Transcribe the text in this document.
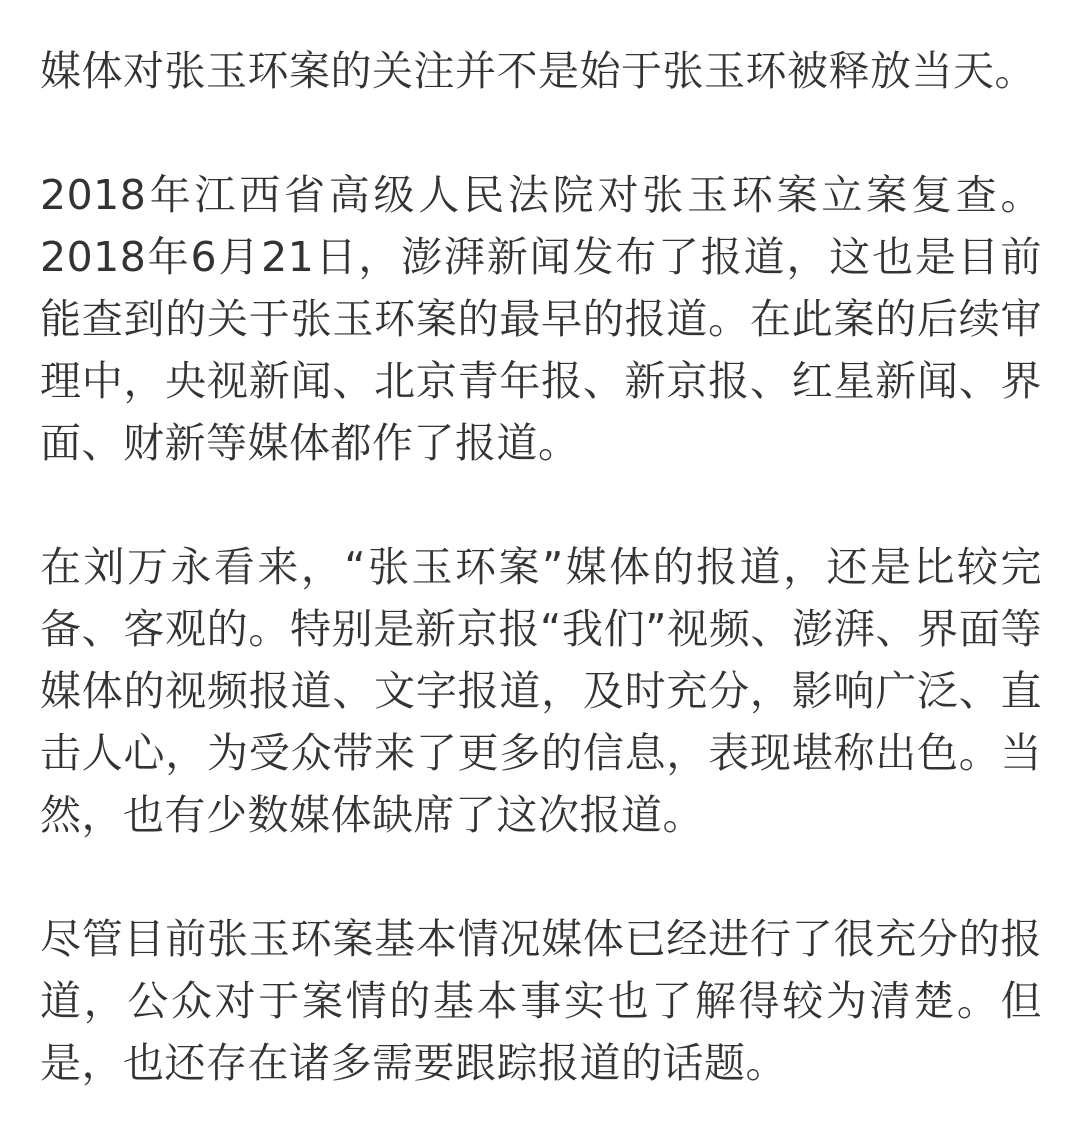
媒体对张玉环案的关注并不是始于张玉环被释放当天。

2018年江西省高级人民法院对张玉环案立案复查。2018年6月21日，澎湃新闻发布了报道，这也是目前能查到的关于张玉环案的最早的报道。在此案的后续审理中，央视新闻、北京青年报、新京报、红星新闻、界面、财新等媒体都作了报道。

在刘万永看来，“张玉环案”媒体的报道，还是比较完备、客观的。特别是新京报“我们”视频、澎湃、界面等媒体的视频报道、文字报道，及时充分，影响广泛、直击人心，为受众带来了更多的信息，表现堪称出色。当然，也有少数媒体缺席了这次报道。

尽管目前张玉环案基本情况媒体已经进行了很充分的报道，公众对于案情的基本事实也了解得较为清楚。但是，也还存在诸多需要跟踪报道的话题。
